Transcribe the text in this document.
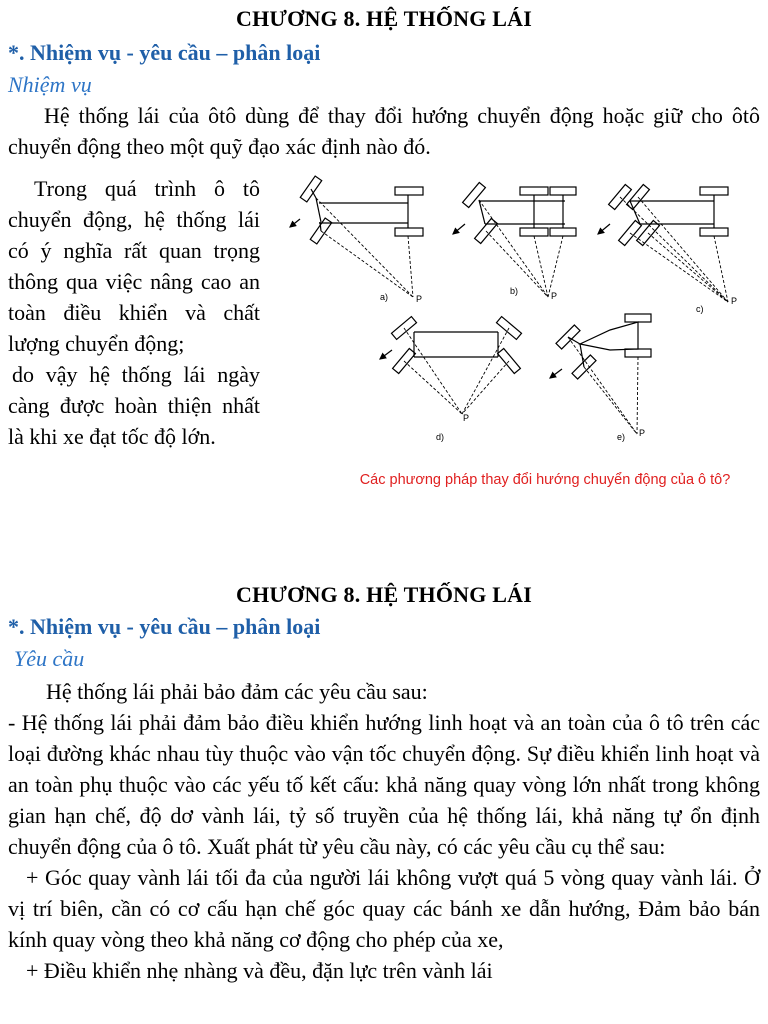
CHƯƠNG 8. HỆ THỐNG LÁI
*. Nhiệm vụ - yêu cầu – phân loại
Nhiệm vụ

Hệ thống lái của ôtô dùng để thay đổi hướng chuyển động hoặc giữ cho ôtô chuyển động theo một quỹ đạo xác định nào đó.

Trong quá trình ô tô chuyển động, hệ thống lái có ý nghĩa rất quan trọng thông qua việc nâng cao an toàn điều khiển và chất lượng chuyển động;

do vậy hệ thống lái ngày càng được hoàn thiện nhất là khi xe đạt tốc độ lớn.

a)	P
b)	P
c)
P
d)
P
e) P
Các phương pháp thay đổi hướng chuyển động của ô tô?
CHƯƠNG 8. HỆ THỐNG LÁI
*. Nhiệm vụ - yêu cầu – phân loại
Yêu cầu

Hệ thống lái phải bảo đảm các yêu cầu sau:

- Hệ thống lái phải đảm bảo điều khiển hướng linh hoạt và an toàn của ô tô trên các loại đường khác nhau tùy thuộc vào vận tốc chuyển động. Sự điều khiển linh hoạt và an toàn phụ thuộc vào các yếu tố kết cấu: khả năng quay vòng lớn nhất trong không gian hạn chế, độ dơ vành lái, tỷ số truyền của hệ thống lái, khả năng tự ổn định chuyển động của ô tô. Xuất phát từ yêu cầu này, có các yêu cầu cụ thể sau:

+ Góc quay vành lái tối đa của người lái không vượt quá 5 vòng quay vành lái. Ở vị trí biên, cần có cơ cấu hạn chế góc quay các bánh xe dẫn hướng, Đảm bảo bán kính quay vòng theo khả năng cơ động cho phép của xe,

+ Điều khiển nhẹ nhàng và đều, đặn lực trên vành lái
